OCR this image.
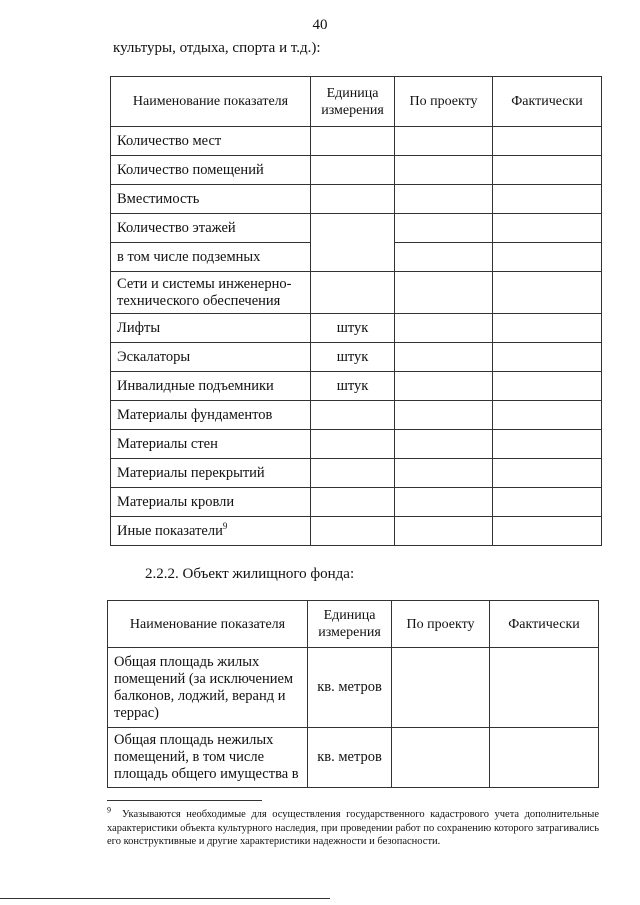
40
культуры, отдыха, спорта и т.д.):
Наименование показателя	Единица измерения	По проекту	Фактически
Количество мест			
Количество помещений			
Вместимость			
Количество этажей			
в том числе подземных			
Сети и системы инженерно-технического обеспечения			
Лифты	штук		
Эскалаторы	штук		
Инвалидные подъемники	штук		
Материалы фундаментов			
Материалы стен			
Материалы перекрытий			
Материалы кровли			
Иные показатели$^9$			
2.2.2. Объект жилищного фонда:
Наименование показателя	Единица измерения	По проекту	Фактически
Общая площадь жилых помещений (за исключением балконов, лоджий, веранд и террас)	кв. метров		
Общая площадь нежилых помещений, в том числе площадь общего имущества в	кв. метров		
$^9$ Указываются необходимые для осуществления государственного кадастрового учета дополнительные характеристики объекта культурного наследия, при проведении работ по сохранению которого затрагивались его конструктивные и другие характеристики надежности и безопасности.
